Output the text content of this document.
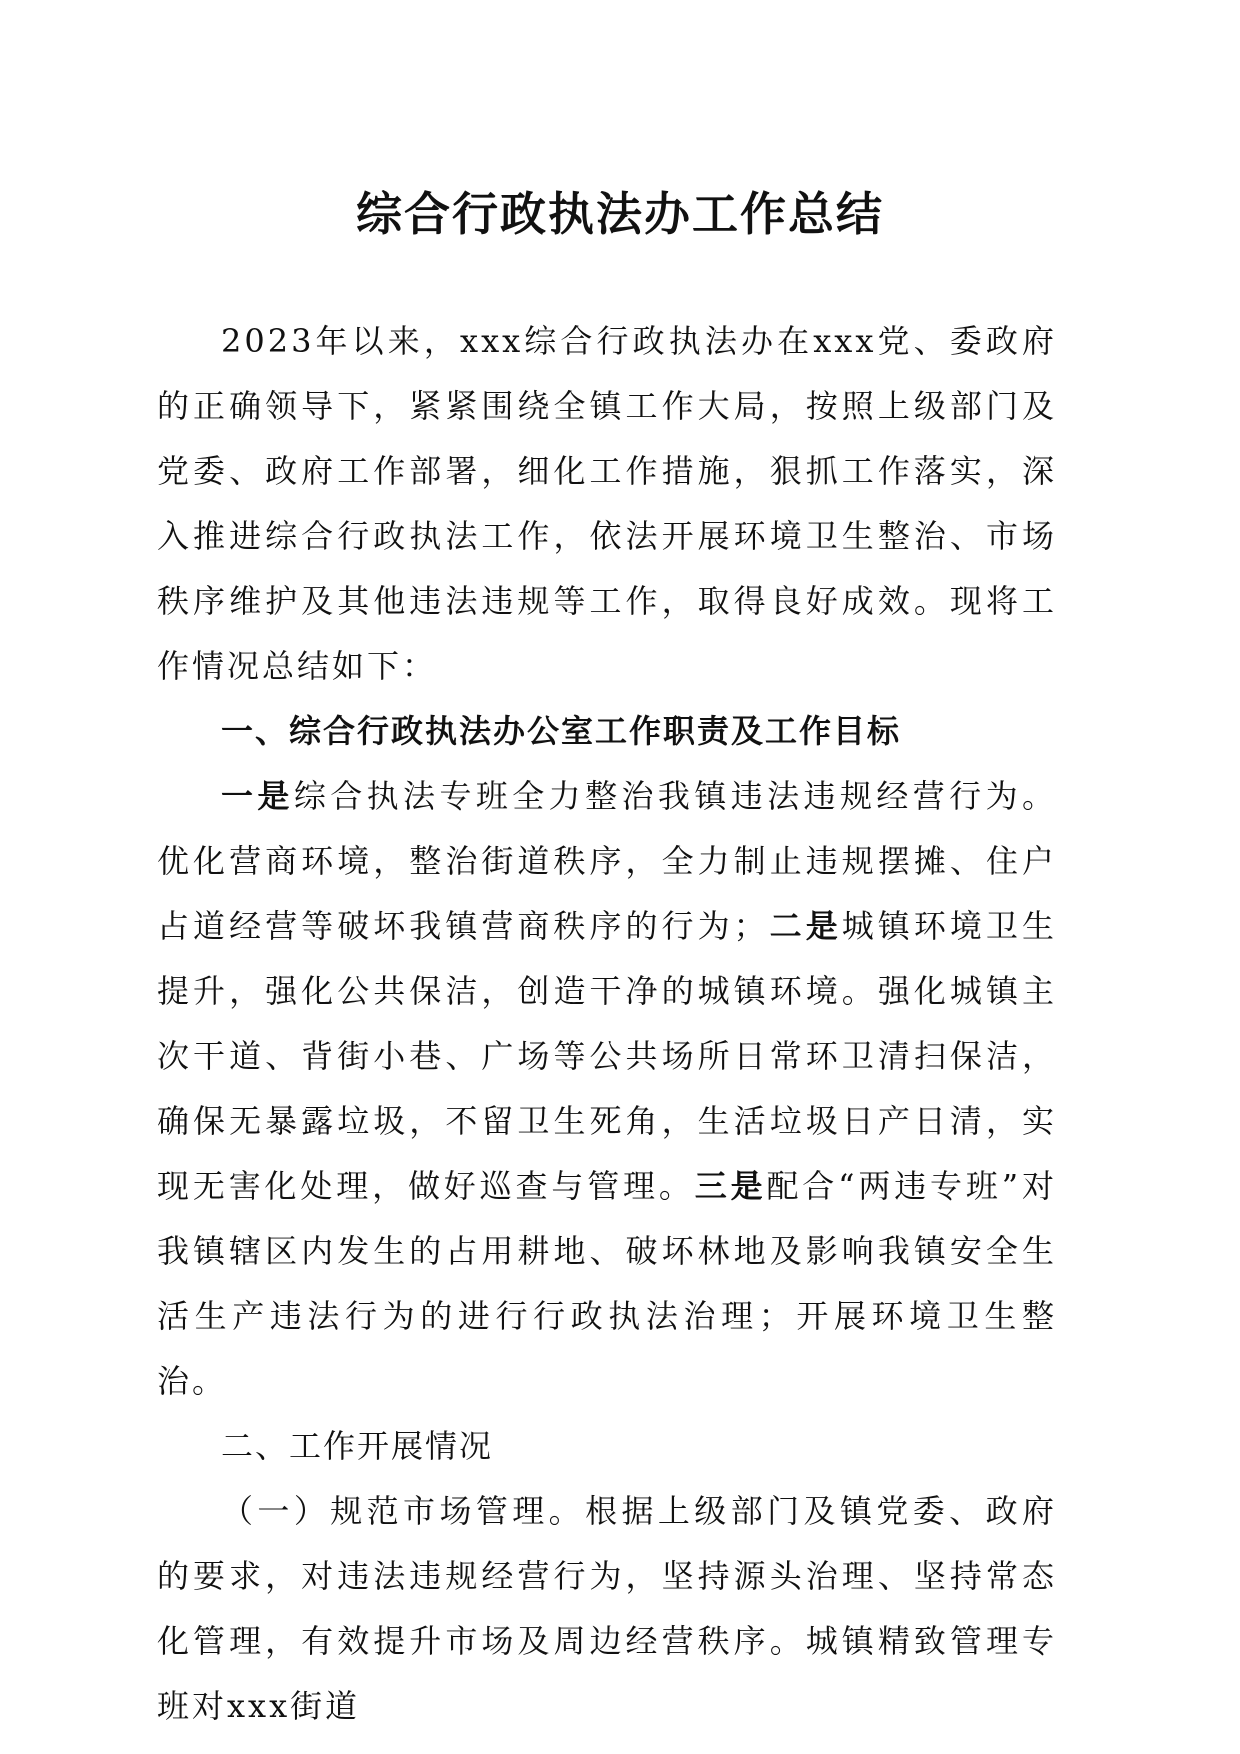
综合行政执法办工作总结

2023年以来，xxx综合行政执法办在xxx党、委政府的正确领导下，紧紧围绕全镇工作大局，按照上级部门及党委、政府工作部署，细化工作措施，狠抓工作落实，深入推进综合行政执法工作，依法开展环境卫生整治、市场秩序维护及其他违法违规等工作，取得良好成效。现将工作情况总结如下：

一、综合行政执法办公室工作职责及工作目标

一是综合执法专班全力整治我镇违法违规经营行为。优化营商环境，整治街道秩序，全力制止违规摆摊、住户占道经营等破坏我镇营商秩序的行为；二是城镇环境卫生提升，强化公共保洁，创造干净的城镇环境。强化城镇主次干道、背街小巷、广场等公共场所日常环卫清扫保洁，确保无暴露垃圾，不留卫生死角，生活垃圾日产日清，实现无害化处理，做好巡查与管理。三是配合“两违专班”对我镇辖区内发生的占用耕地、破坏林地及影响我镇安全生活生产违法行为的进行行政执法治理；开展环境卫生整治。

二、工作开展情况

（一）规范市场管理。根据上级部门及镇党委、政府的要求，对违法违规经营行为，坚持源头治理、坚持常态化管理，有效提升市场及周边经营秩序。城镇精致管理专班对xxx街道
